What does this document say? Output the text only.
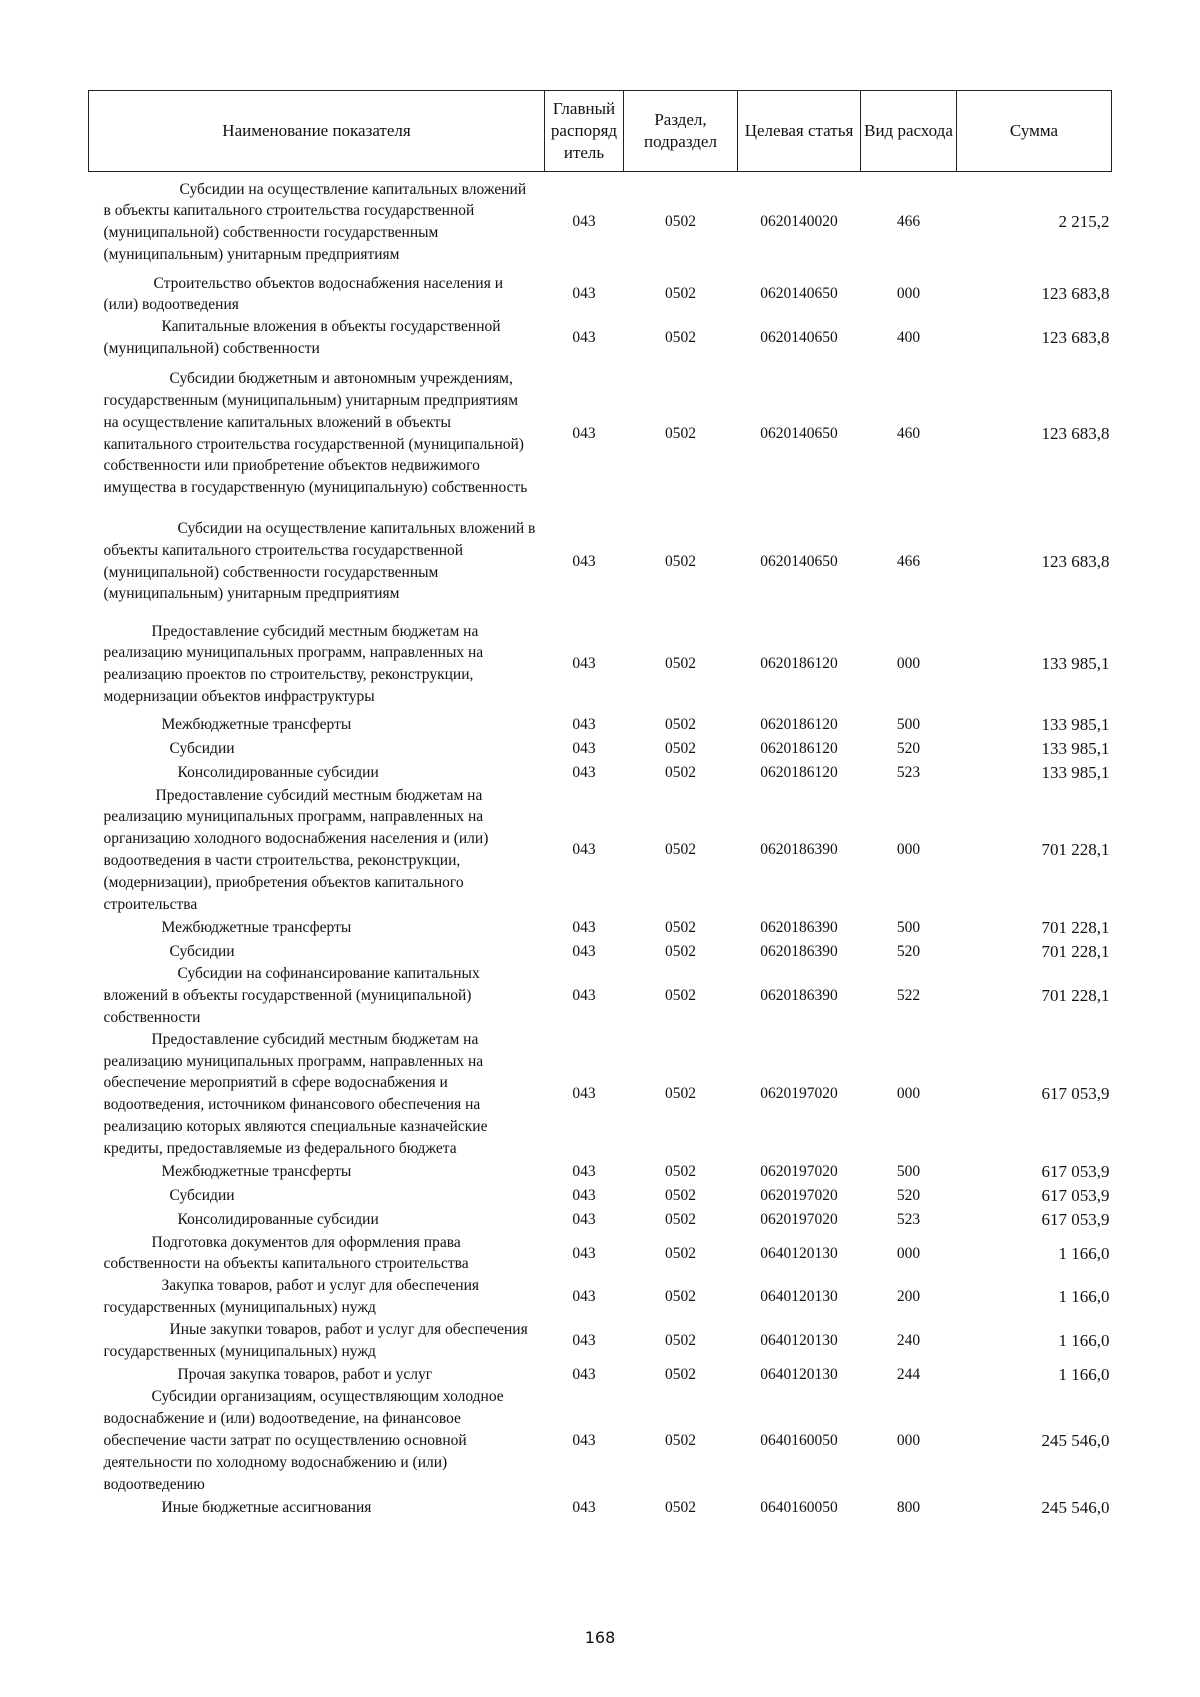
Наименование показателя	Главный распоряд итель	Раздел, подраздел	Целевая статья	Вид расхода	Сумма

Субсидии на осуществление капитальных вложений в объекты капитального строительства государственной (муниципальной) собственности государственным (муниципальным) унитарным предприятиям	043	0502	0620140020	466	2 215,2

Строительство объектов водоснабжения населения и (или) водоотведения	043	0502	0620140650	000	123 683,8

Капитальные вложения в объекты государственной (муниципальной) собственности	043	0502	0620140650	400	123 683,8

Субсидии бюджетным и автономным учреждениям, государственным (муниципальным) унитарным предприятиям на осуществление капитальных вложений в объекты капитального строительства государственной (муниципальной) собственности или приобретение объектов недвижимого имущества в государственную (муниципальную) собственность	043	0502	0620140650	460	123 683,8

Субсидии на осуществление капитальных вложений в объекты капитального строительства государственной (муниципальной) собственности государственным (муниципальным) унитарным предприятиям	043	0502	0620140650	466	123 683,8

Предоставление субсидий местным бюджетам на реализацию муниципальных программ, направленных на реализацию проектов по строительству, реконструкции, модернизации объектов инфраструктуры	043	0502	0620186120	000	133 985,1

Межбюджетные трансферты	043	0502	0620186120	500	133 985,1

Субсидии	043	0502	0620186120	520	133 985,1

Консолидированные субсидии	043	0502	0620186120	523	133 985,1

Предоставление субсидий местным бюджетам на реализацию муниципальных программ, направленных на организацию холодного водоснабжения населения и (или) водоотведения в части строительства, реконструкции, (модернизации), приобретения объектов капитального строительства	043	0502	0620186390	000	701 228,1

Межбюджетные трансферты	043	0502	0620186390	500	701 228,1

Субсидии	043	0502	0620186390	520	701 228,1

Субсидии на софинансирование капитальных вложений в объекты государственной (муниципальной) собственности	043	0502	0620186390	522	701 228,1

Предоставление субсидий местным бюджетам на реализацию муниципальных программ, направленных на обеспечение мероприятий в сфере водоснабжения и водоотведения, источником финансового обеспечения на реализацию которых являются специальные казначейские кредиты, предоставляемые из федерального бюджета	043	0502	0620197020	000	617 053,9

Межбюджетные трансферты	043	0502	0620197020	500	617 053,9

Субсидии	043	0502	0620197020	520	617 053,9

Консолидированные субсидии	043	0502	0620197020	523	617 053,9

Подготовка документов для оформления права собственности на объекты капитального строительства	043	0502	0640120130	000	1 166,0

Закупка товаров, работ и услуг для обеспечения государственных (муниципальных) нужд	043	0502	0640120130	200	1 166,0

Иные закупки товаров, работ и услуг для обеспечения государственных (муниципальных) нужд	043	0502	0640120130	240	1 166,0

Прочая закупка товаров, работ и услуг	043	0502	0640120130	244	1 166,0

Субсидии организациям, осуществляющим холодное водоснабжение и (или) водоотведение, на финансовое обеспечение части затрат по осуществлению основной деятельности по холодному водоснабжению и (или) водоотведению	043	0502	0640160050	000	245 546,0

Иные бюджетные ассигнования	043	0502	0640160050	800	245 546,0
168
